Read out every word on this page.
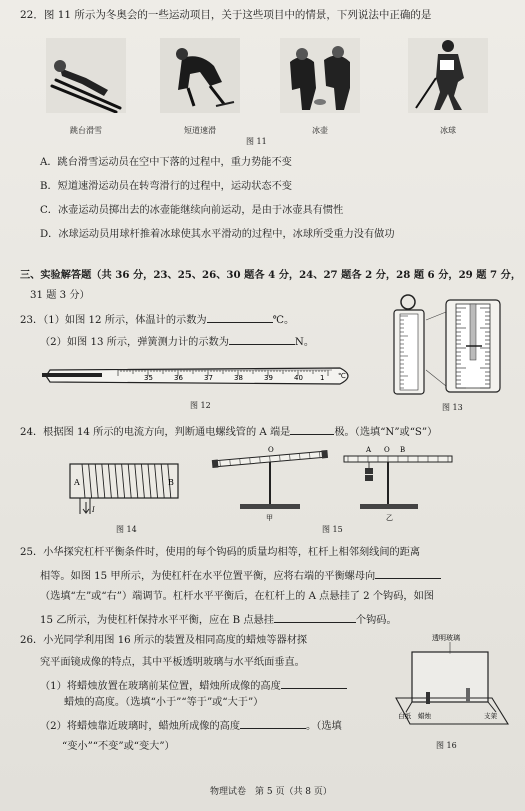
22．图 11 所示为冬奥会的一些运动项目，关于这些项目中的情景，下列说法中正确的是
跳台滑雪	短道速滑	冰壶	冰球
图 11
A．跳台滑雪运动员在空中下落的过程中，重力势能不变
B．短道速滑运动员在转弯滑行的过程中，运动状态不变
C．冰壶运动员掷出去的冰壶能继续向前运动，是由于冰壶具有惯性
D．冰球运动员用球杆推着冰球使其水平滑动的过程中，冰球所受重力没有做功
三、实验解答题（共 36 分，23、25、26、30 题各 4 分，24、27 题各 2 分，28 题 6 分，29 题 7 分，
31 题 3 分）
23．（1）如图 12 所示，体温计的示数为	℃。
（2）如图 13 所示，弹簧测力计的示数为	N。
35	36	37	38	39	40 1 ℃
图 12	图 13
24．根据图 14 所示的电流方向，判断通电螺线管的 A 端是	极。（选填“N”或“S”）
A	B
I
图 14
O
甲
A O B
乙
图 15
25．小华探究杠杆平衡条件时，使用的每个钩码的质量均相等，杠杆上相邻刻线间的距离
相等。如图 15 甲所示，为使杠杆在水平位置平衡，应将右端的平衡螺母向
（选填“左”或“右”）端调节。杠杆水平平衡后，在杠杆上的 A 点悬挂了 2 个钩码，如图
15 乙所示，为使杠杆保持水平平衡，应在 B 点悬挂	个钩码。
26．小光同学利用图 16 所示的装置及相同高度的蜡烛等器材探
究平面镜成像的特点，其中平板透明玻璃与水平纸面垂直。
（1）将蜡烛放置在玻璃前某位置，蜡烛所成像的高度
蜡烛的高度。（选填“小于”“等于”或“大于”）
（2）将蜡烛靠近玻璃时，蜡烛所成像的高度	。（选填
“变小”“不变”或“变大”）
透明玻璃
蜡烛
白纸	支架
图 16
物理试卷　第 5 页（共 8 页）
